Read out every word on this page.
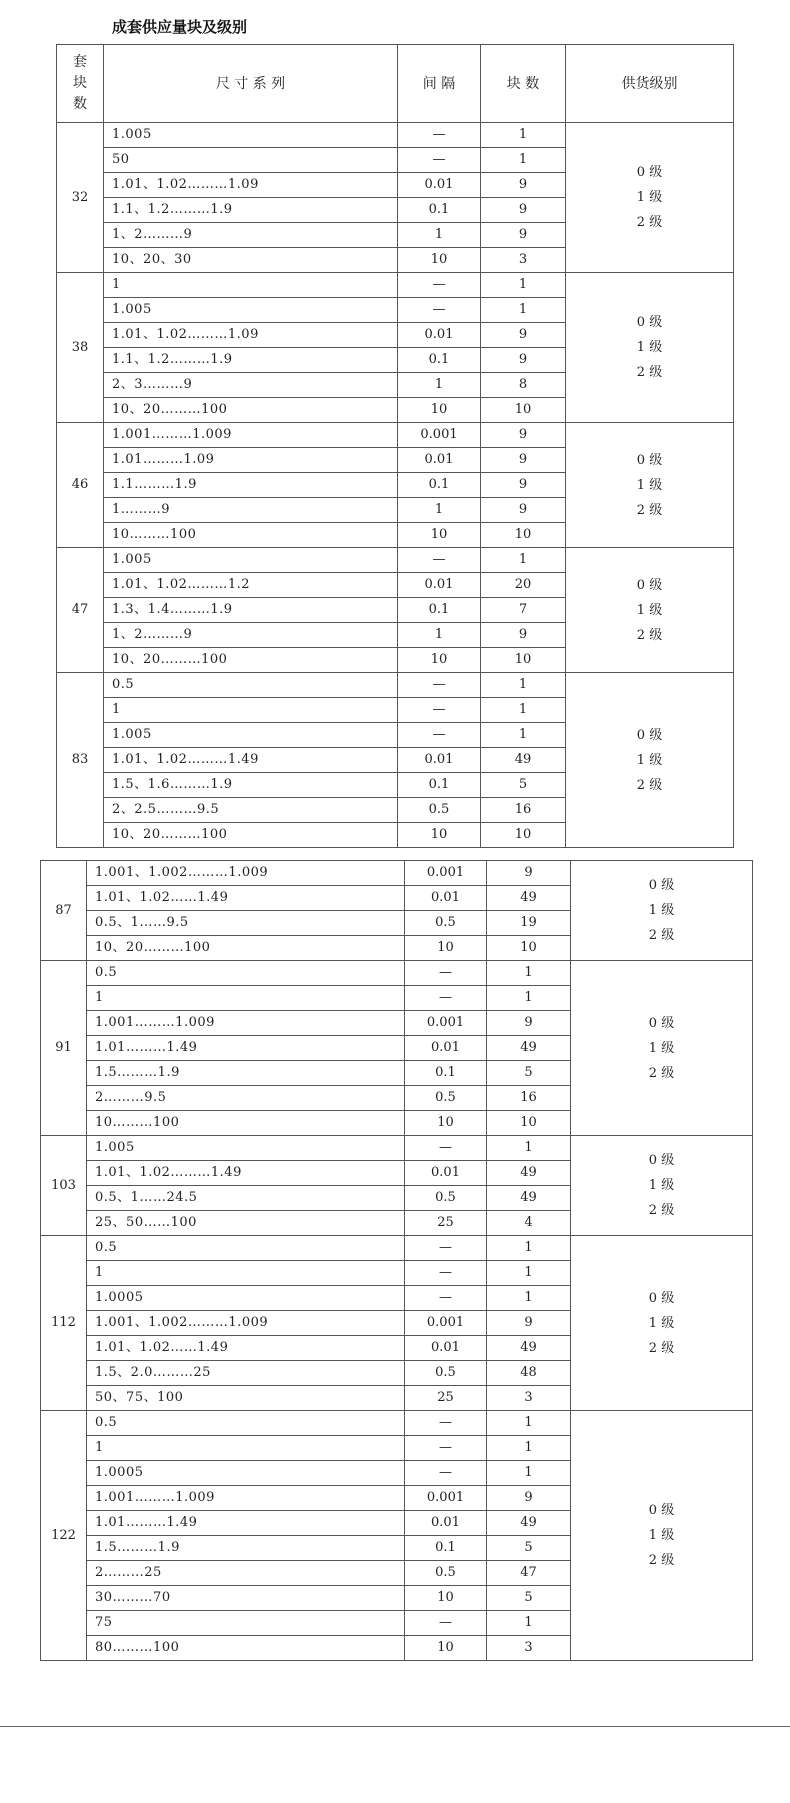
成套供应量块及级别
套
块
数	尺 寸 系 列	间 隔	块 数	供货级别
32	1.005	—	1	0 级
1 级
2 级

	50	—	1	
	1.01、1.02………1.09	0.01	9	
	1.1、1.2………1.9	0.1	9	
	1、2………9	1	9	
	10、20、30	10	3	
38	1	—	1	0 级
1 级
2 级

	1.005	—	1	
	1.01、1.02………1.09	0.01	9	
	1.1、1.2………1.9	0.1	9	
	2、3………9	1	8	
	10、20………100	10	10	
46	1.001………1.009	0.001	9	0 级
1 级
2 级

	1.01………1.09	0.01	9	
	1.1………1.9	0.1	9	
	1………9	1	9	
	10………100	10	10	
47	1.005	—	1	0 级
1 级
2 级

	1.01、1.02………1.2	0.01	20	
	1.3、1.4………1.9	0.1	7	
	1、2………9	1	9	
	10、20………100	10	10	
83	0.5	—	1	0 级
1 级
2 级

	1	—	1	
	1.005	—	1	
	1.01、1.02………1.49	0.01	49	
	1.5、1.6………1.9	0.1	5	
	2、2.5………9.5	0.5	16	
	10、20………100	10	10	
87	1.001、1.002………1.009	0.001	9	0 级
1 级
2 级

	1.01、1.02……1.49	0.01	49	
	0.5、1……9.5	0.5	19	
	10、20………100	10	10	
91	0.5	—	1	0 级
1 级
2 级

	1	—	1	
	1.001………1.009	0.001	9	
	1.01………1.49	0.01	49	
	1.5………1.9	0.1	5	
	2………9.5	0.5	16	
	10………100	10	10	
103	1.005	—	1	0 级
1 级
2 级

	1.01、1.02………1.49	0.01	49	
	0.5、1……24.5	0.5	49	
	25、50……100	25	4	
112	0.5	—	1	0 级
1 级
2 级

	1	—	1	
	1.0005	—	1	
	1.001、1.002………1.009	0.001	9	
	1.01、1.02……1.49	0.01	49	
	1.5、2.0………25	0.5	48	
	50、75、100	25	3	
122	0.5	—	1	0 级
1 级
2 级

	1	—	1	
	1.0005	—	1	
	1.001………1.009	0.001	9	
	1.01………1.49	0.01	49	
	1.5………1.9	0.1	5	
	2………25	0.5	47	
	30………70	10	5	
	75	—	1	
	80………100	10	3	
